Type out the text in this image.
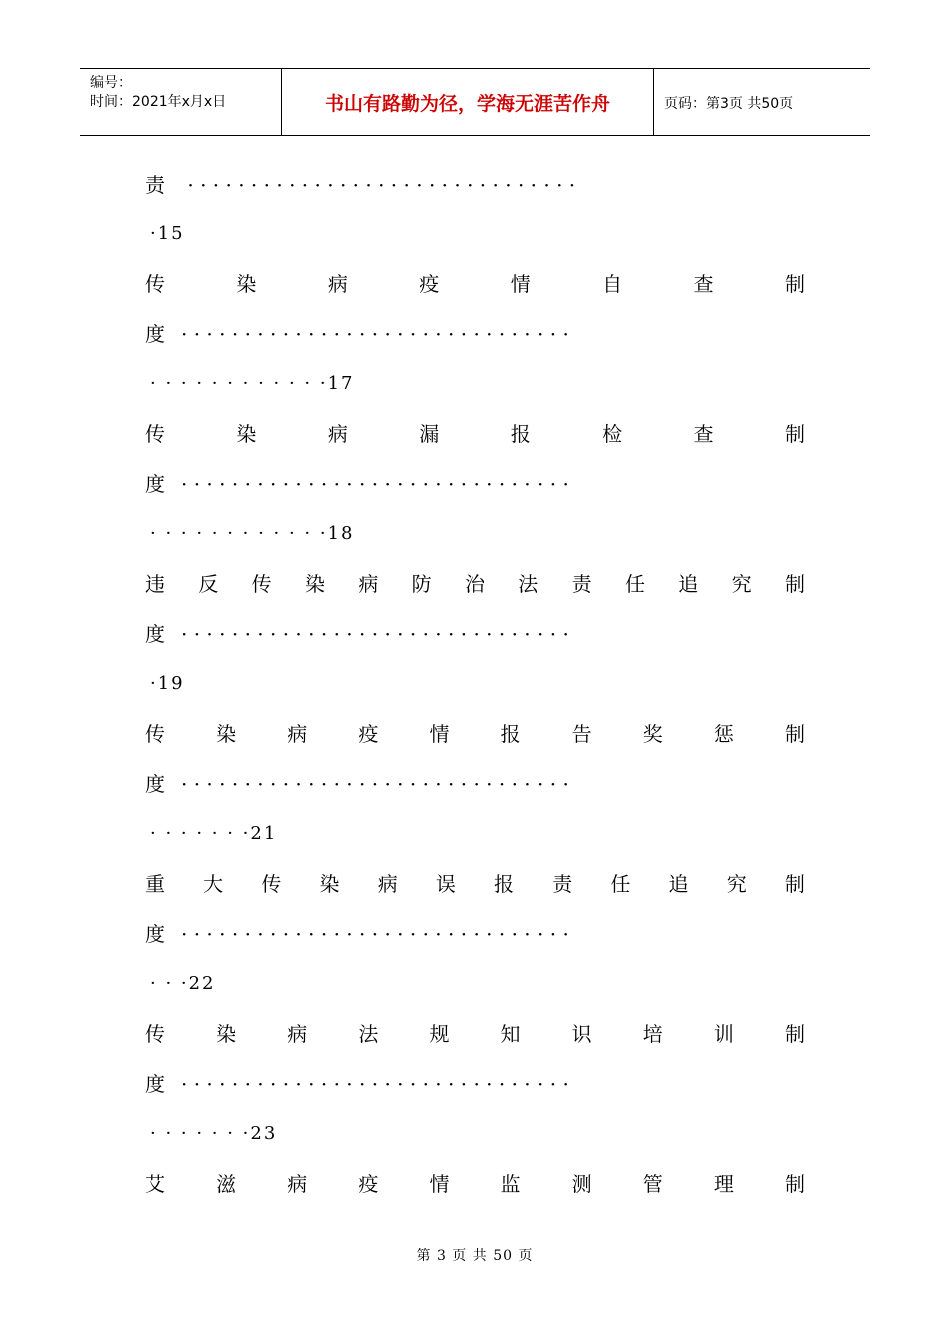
编号：
时间：2021年x月x日	书山有路勤为径，学海无涯苦作舟	页码：第3页 共50页
责 · · · · · · · · · · · · · · · · · · · · · · · · · · · · · · ·
·15
传	染	病	疫	情	自	查	制
度 · · · · · · · · · · · · · · · · · · · · · · · · · · · · · · ·
· · · · · · · · · · · ·17
传	染	病	漏	报	检	查	制
度 · · · · · · · · · · · · · · · · · · · · · · · · · · · · · · ·
· · · · · · · · · · · ·18
违 反 传 染 病 防 治 法 责 任 追 究 制
度 · · · · · · · · · · · · · · · · · · · · · · · · · · · · · · ·
·19
传	染	病	疫	情	报	告	奖	惩	制
度 · · · · · · · · · · · · · · · · · · · · · · · · · · · · · · ·
· · · · · · ·21
重 大 传 染 病 误 报 责 任 追 究 制
度 · · · · · · · · · · · · · · · · · · · · · · · · · · · · · · ·
· · ·22
传	染	病	法	规	知	识	培	训	制
度 · · · · · · · · · · · · · · · · · · · · · · · · · · · · · · ·
· · · · · · ·23
艾	滋	病	疫	情	监	测	管	理	制
第 3 页 共 50 页
